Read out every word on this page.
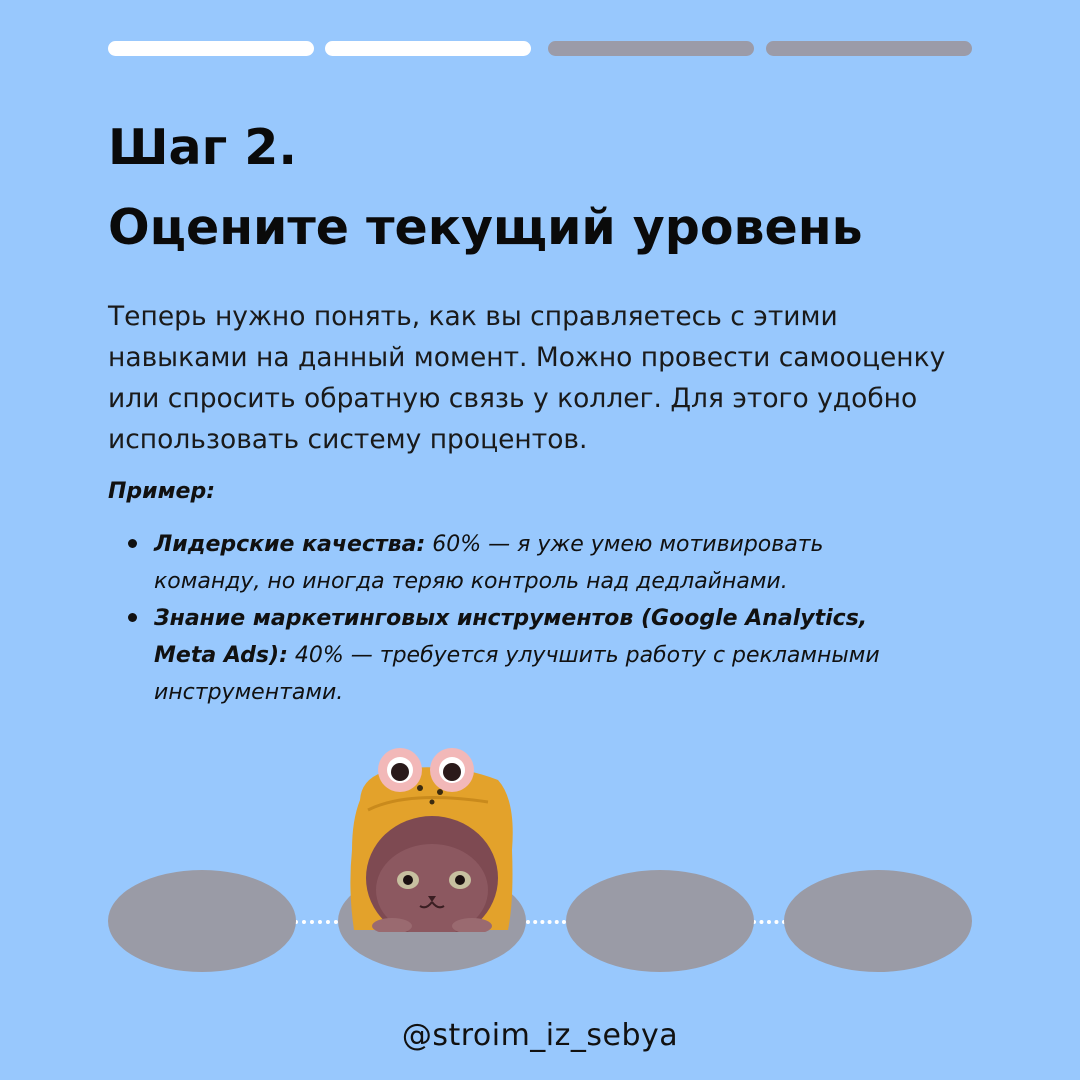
Шаг 2.
Оцените текущий уровень

Теперь нужно понять, как вы справляетесь с этими
навыками на данный момент. Можно провести самооценку
или спросить обратную связь у коллег. Для этого удобно
использовать систему процентов.

Пример:

Лидерские качества: 60% — я уже умею мотивировать
команду, но иногда теряю контроль над дедлайнами.
Знание маркетинговых инструментов (Google Analytics,
Meta Ads): 40% — требуется улучшить работу с рекламными
инструментами.
@stroim_iz_sebya
